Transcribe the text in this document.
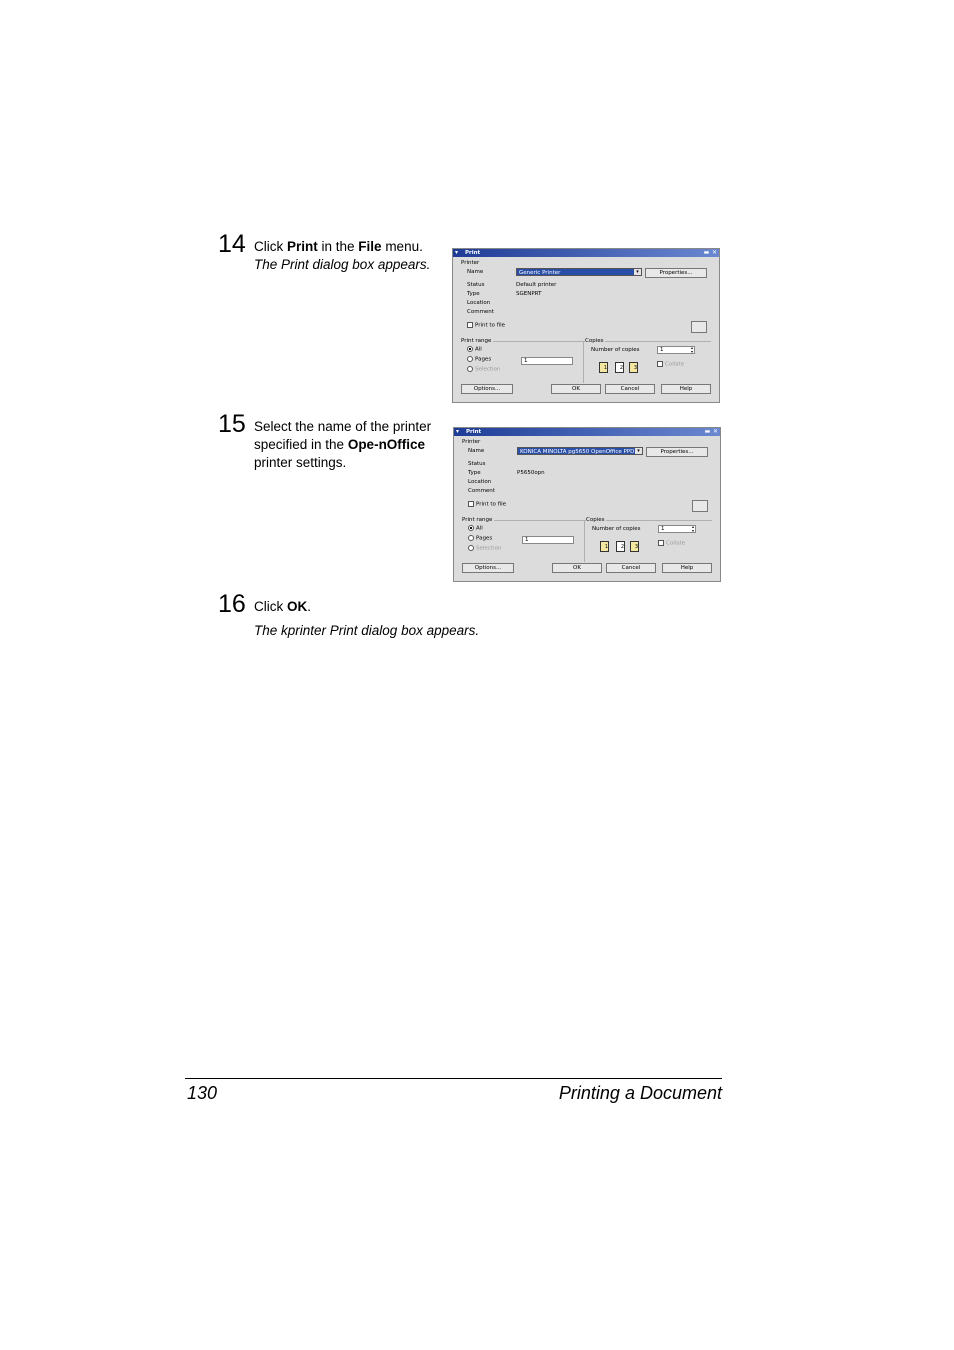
14 Click Print in the File menu.
The Print dialog box appears.
▾	Print	▬ ✕
Printer
Name	Generic Printer	▾	Properties...
Status	Default printer
Type	SGENPRT
Location
Comment
Print to file
Print range	Copies
All
Pages	1
Selection
Number of copies	1	▴
▾
1	2	3
Collate
Options...	OK	Cancel	Help
15 Select the name of the printer specified in the Ope-nOffice printer settings.
▾	Print	▬ ✕
Printer
Name	KONICA MINOLTA pg5650 OpenOffice PPD ▾	Properties...
Status
Type	P5650opn
Location
Comment
Print to file
Print range	Copies
All
Pages	1
Selection
Number of copies	1	▴
▾
1	2	3
Collate
Options...	OK	Cancel	Help
16 Click OK.
The kprinter Print dialog box appears.
130	Printing a Document
